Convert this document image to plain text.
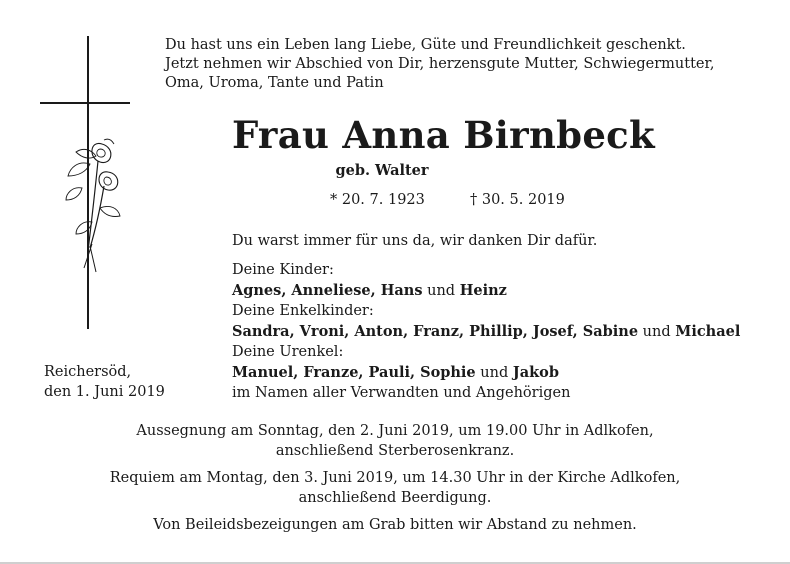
Du hast uns ein Leben lang Liebe, Güte und Freundlichkeit geschenkt.
Jetzt nehmen wir Abschied von Dir, herzensgute Mutter, Schwiegermutter,
Oma, Uroma, Tante und Patin
Frau Anna Birnbeck
geb. Walter
* 20. 7. 1923	† 30. 5. 2019
Du warst immer für uns da, wir danken Dir dafür.
Deine Kinder:
Agnes, Anneliese, Hans und Heinz
Deine Enkelkinder:
Sandra, Vroni, Anton, Franz, Phillip, Josef, Sabine und Michael
Deine Urenkel:
Manuel, Franze, Pauli, Sophie und Jakob
im Namen aller Verwandten und Angehörigen
Reichersöd,
den 1. Juni 2019
Aussegnung am Sonntag, den 2. Juni 2019, um 19.00 Uhr in Adlkofen,
anschließend Sterberosenkranz.
Requiem am Montag, den 3. Juni 2019, um 14.30 Uhr in der Kirche Adlkofen,
anschließend Beerdigung.
Von Beileidsbezeigungen am Grab bitten wir Abstand zu nehmen.
